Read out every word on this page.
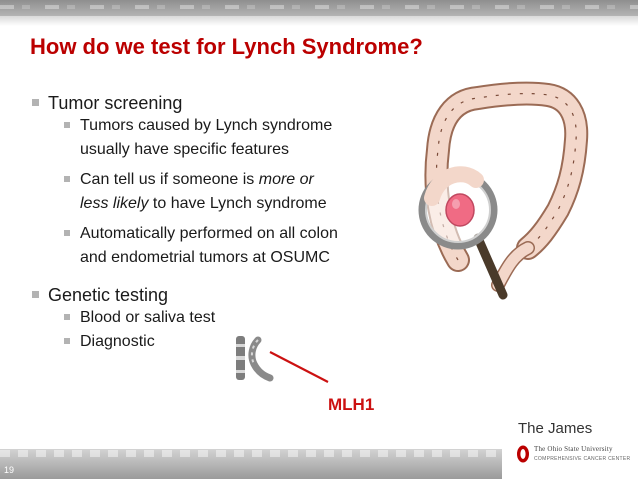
How do we test for Lynch Syndrome?
Tumor screening
Tumors caused by Lynch syndrome
usually have specific features
Can tell us if someone is more or
less likely to have Lynch syndrome
Automatically performed on all colon
and endometrial tumors at OSUMC
Genetic testing
Blood or saliva test
Diagnostic
MLH1
The James
The Ohio State University
COMPREHENSIVE CANCER CENTER
19
